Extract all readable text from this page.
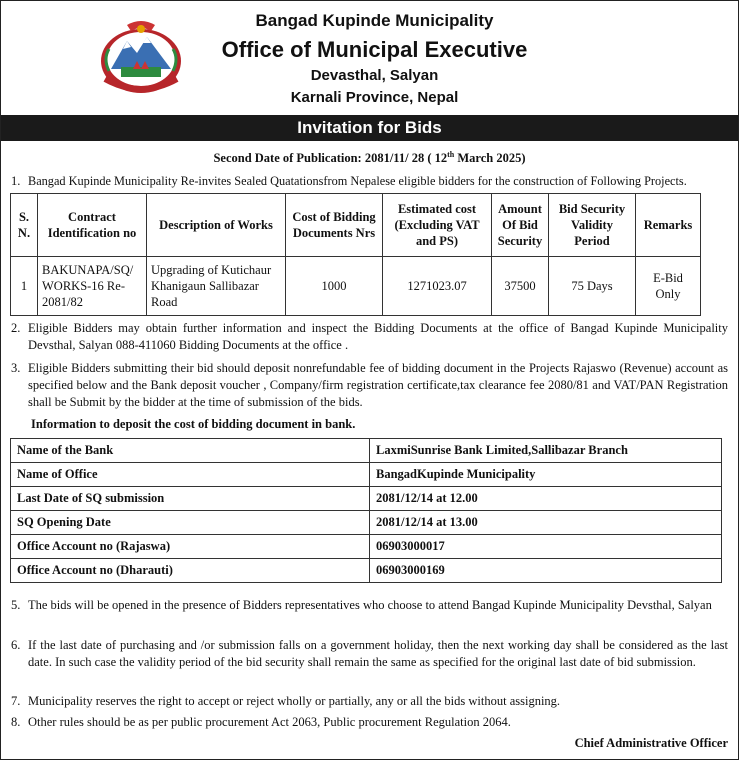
Bangad Kupinde Municipality
Office of Municipal Executive
Devasthal, Salyan
Karnali Province, Nepal
Invitation for Bids
Second Date of Publication: 2081/11/ 28 ( 12th March 2025)
1. Bangad Kupinde Municipality Re-invites Sealed Quatationsfrom Nepalese eligible bidders for the construction of Following Projects.
S. N.	Contract Identification no	Description of Works	Cost of Bidding Documents Nrs	Estimated cost (Excluding VAT and PS)	Amount Of Bid Security	Bid Security Validity Period	Remarks
1	BAKUNAPA/SQ/ WORKS-16 Re-2081/82	Upgrading of Kutichaur Khanigaun Sallibazar Road	1000	1271023.07	37500	75 Days	E-Bid Only
2. Eligible Bidders may obtain further information and inspect the Bidding Documents at the office of Bangad Kupinde Municipality Devsthal, Salyan 088-411060 Bidding Documents at the office .
3. Eligible Bidders submitting their bid should deposit nonrefundable fee of bidding document in the Projects Rajaswo (Revenue) account as specified below and the Bank deposit voucher , Company/firm registration certificate,tax clearance fee 2080/81 and VAT/PAN Registration shall be Submit by the bidder at the time of submission of the bids.
Information to deposit the cost of bidding document in bank.
Name of the Bank	LaxmiSunrise Bank Limited,Sallibazar Branch
Name of Office	BangadKupinde Municipality
Last Date of SQ submission	2081/12/14 at 12.00
SQ Opening Date	2081/12/14 at 13.00
Office Account no (Rajaswa)	06903000017
Office Account no (Dharauti)	06903000169
5. The bids will be opened in the presence of Bidders representatives who choose to attend Bangad Kupinde Municipality Devsthal, Salyan
6. If the last date of purchasing and /or submission falls on a government holiday, then the next working day shall be considered as the last date. In such case the validity period of the bid security shall remain the same as specified for the original last date of bid submission.
7. Municipality reserves the right to accept or reject wholly or partially, any or all the bids without assigning.
8. Other rules should be as per public procurement Act 2063, Public procurement Regulation 2064.
Chief Administrative Officer
